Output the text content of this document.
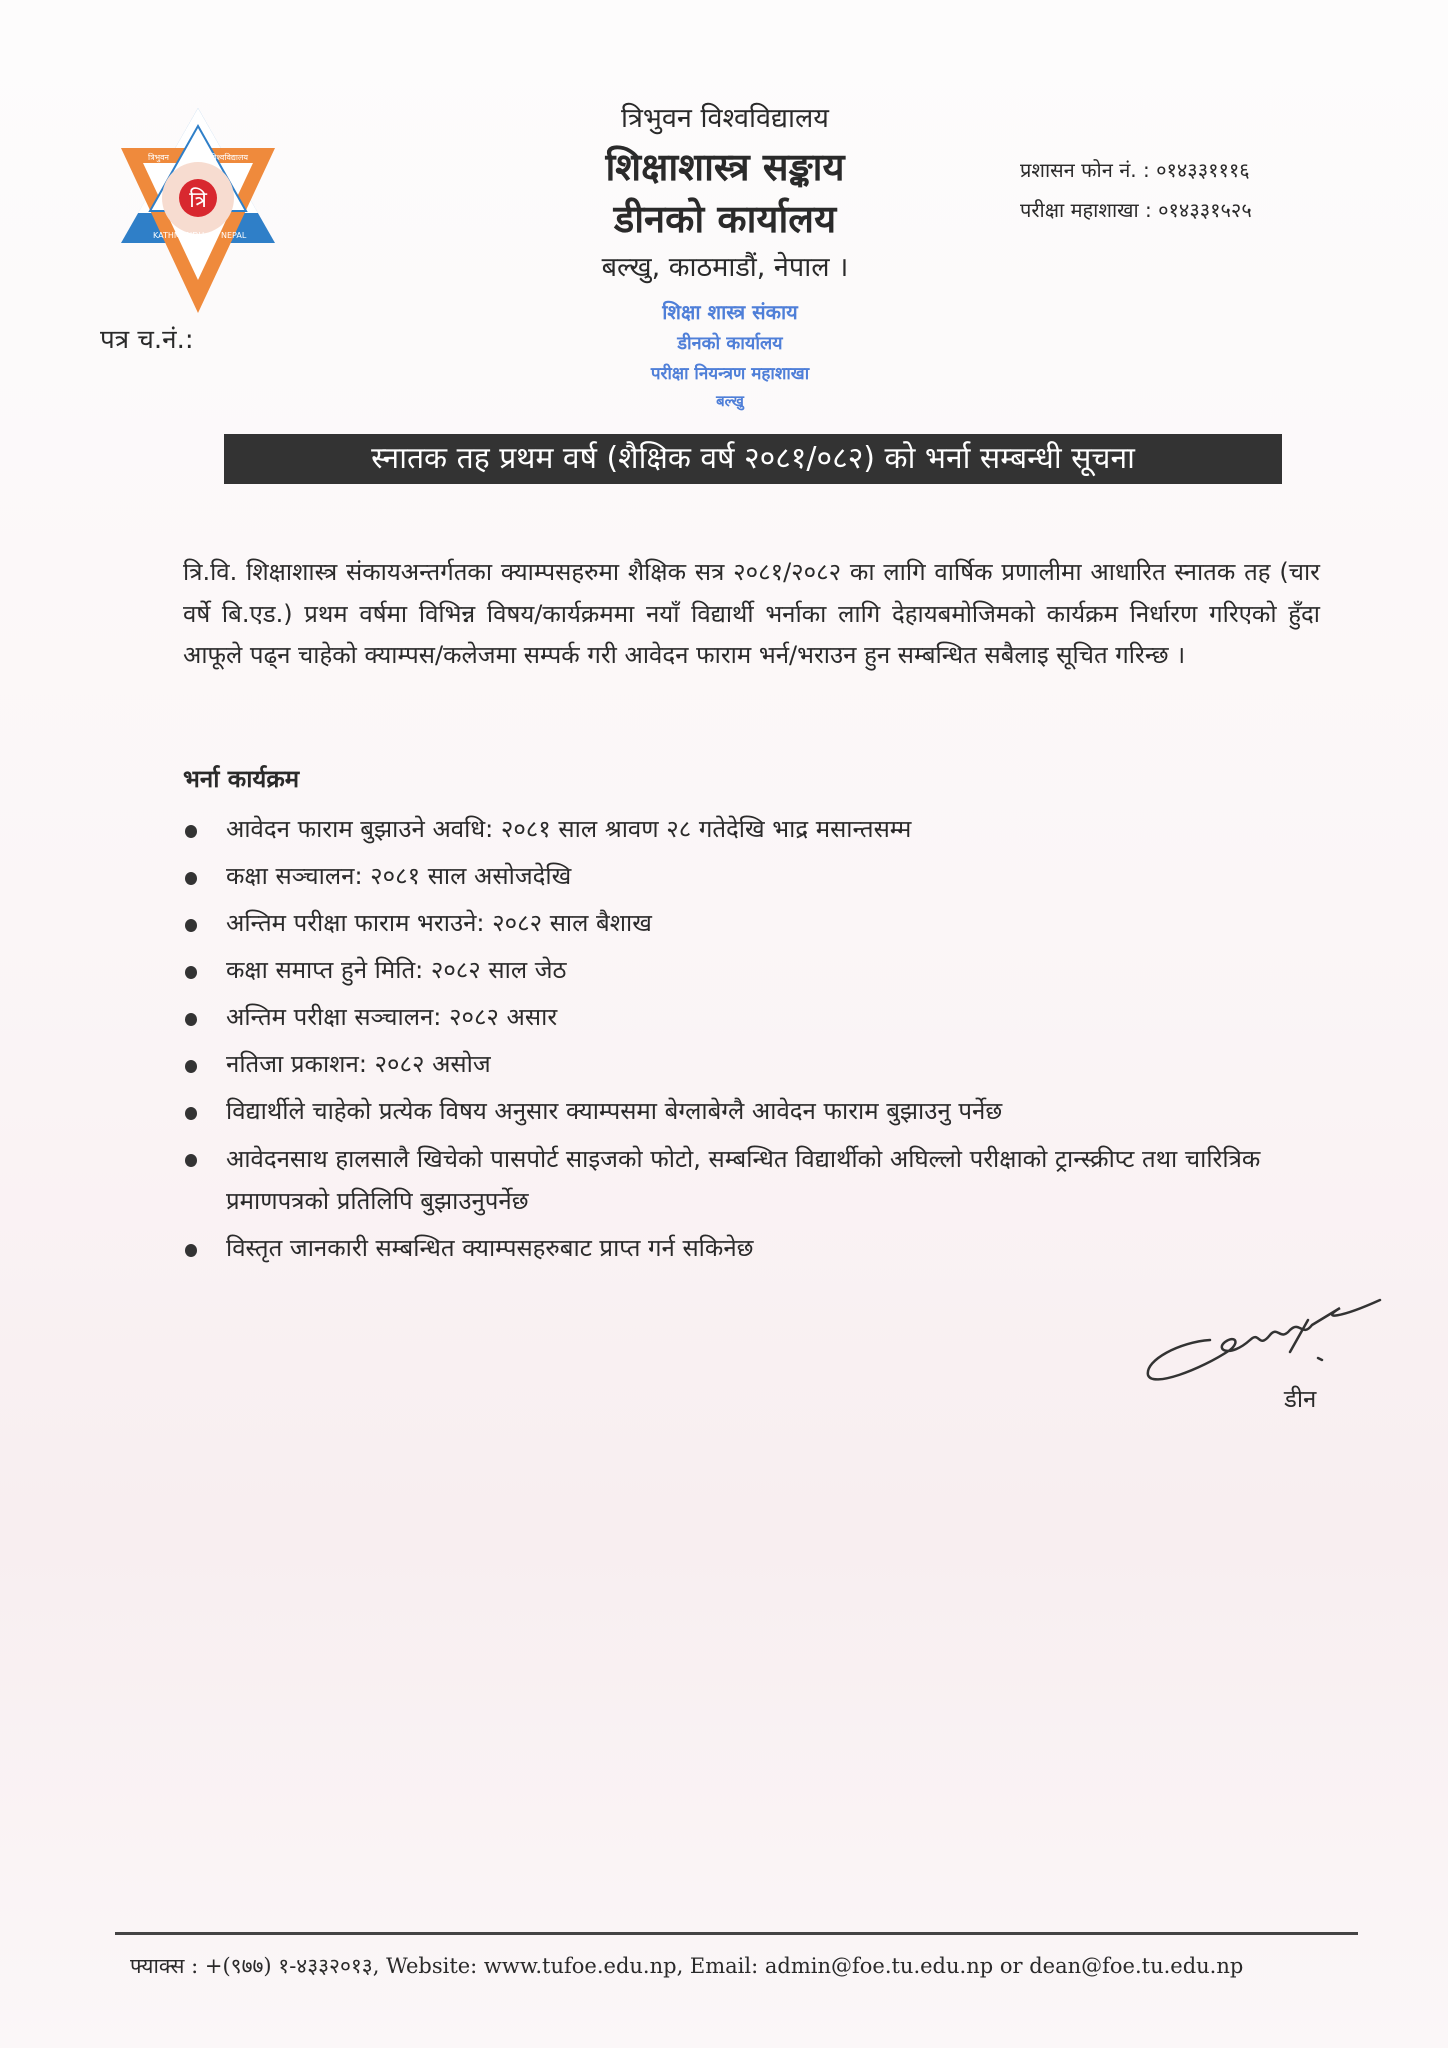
त्रि
त्रिभुवन	विश्वविद्यालय
KATHMANDU, NEPAL
त्रिभुवन विश्वविद्यालय
शिक्षाशास्त्र सङ्काय
डीनको कार्यालय
बल्खु, काठमाडौं, नेपाल ।
शिक्षा शास्त्र संकाय
डीनको कार्यालय
परीक्षा नियन्त्रण महाशाखा
बल्खु
प्रशासन फोन नं. : ०१४३३१११६
परीक्षा महाशाखा : ०१४३३१५२५
पत्र च.नं.:
स्नातक तह प्रथम वर्ष (शैक्षिक वर्ष २०८१/०८२) को भर्ना सम्बन्धी सूचना
त्रि.वि. शिक्षाशास्त्र संकायअन्तर्गतका क्याम्पसहरुमा शैक्षिक सत्र २०८१/२०८२ का लागि वार्षिक प्रणालीमा आधारित स्नातक तह (चार वर्षे बि.एड.) प्रथम वर्षमा विभिन्न विषय/कार्यक्रममा नयाँ विद्यार्थी भर्नाका लागि देहायबमोजिमको कार्यक्रम निर्धारण गरिएको हुँदा आफूले पढ्न चाहेको क्याम्पस/कलेजमा सम्पर्क गरी आवेदन फाराम भर्न/भराउन हुन सम्बन्धित सबैलाइ सूचित गरिन्छ ।
भर्ना कार्यक्रम
आवेदन फाराम बुझाउने अवधि: २०८१ साल श्रावण २८ गतेदेखि भाद्र मसान्तसम्म
कक्षा सञ्चालन: २०८१ साल असोजदेखि
अन्तिम परीक्षा फाराम भराउने: २०८२ साल बैशाख
कक्षा समाप्त हुने मिति: २०८२ साल जेठ
अन्तिम परीक्षा सञ्चालन: २०८२ असार
नतिजा प्रकाशन: २०८२ असोज
विद्यार्थीले चाहेको प्रत्येक विषय अनुसार क्याम्पसमा बेग्लाबेग्लै आवेदन फाराम बुझाउनु पर्नेछ
आवेदनसाथ हालसालै खिचेको पासपोर्ट साइजको फोटो, सम्बन्धित विद्यार्थीको अघिल्लो परीक्षाको ट्रान्स्क्रीप्ट तथा चारित्रिक प्रमाणपत्रको प्रतिलिपि बुझाउनुपर्नेछ
विस्तृत जानकारी सम्बन्धित क्याम्पसहरुबाट प्राप्त गर्न सकिनेछ
डीन
फ्याक्स : +(९७७) १-४३३२०१३, Website: www.tufoe.edu.np, Email: admin@foe.tu.edu.np or dean@foe.tu.edu.np
